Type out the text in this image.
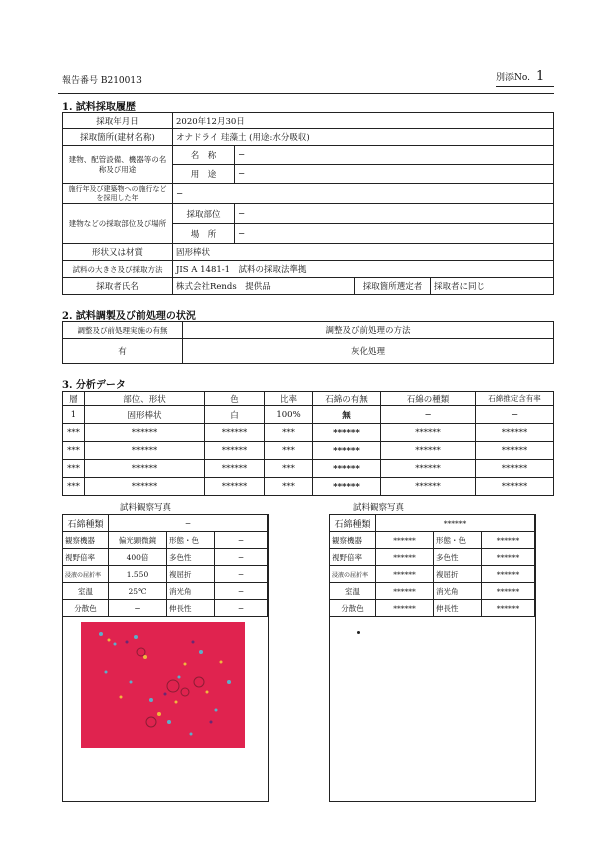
報告番号 B210013	別添No. 1
1. 試料採取履歴
採取年月日	2020年12月30日			
採取箇所(建材名称)	オナドライ 珪藻土 (用途:水分吸収)			
建物、配管設備、機器等の名称及び用途	名　称	−		
	用　途	−		
施行年及び建築物への施行などを採用した年	−			
建物などの採取部位及び場所	採取部位	−		
	場　所	−		
形状又は材質	固形棒状			
試料の大きさ及び採取方法	JIS A 1481-1　試料の採取法準拠			
採取者氏名	株式会社Rends　提供品		採取箇所選定者	採取者に同じ
2. 試料調製及び前処理の状況
調整及び前処理実施の有無	調整及び前処理の方法
有	灰化処理
3. 分析データ
層	部位、形状	色	比率	石綿の有無	石綿の種類	石綿推定含有率
1	固形棒状	白	100%	無	−	−
***	******	******	***	******	******	******
***	******	******	***	******	******	******
***	******	******	***	******	******	******
***	******	******	***	******	******	******
試料観察写真
石綿種類	−		
観察機器	偏光顕微鏡	形態・色	−
視野倍率	400倍	多色性	−
浸液の屈折率	1.550	複屈折	−
室温	25℃	消光角	−
分散色	−	伸長性	−
試料観察写真
石綿種類	******		
観察機器	******	形態・色	******
視野倍率	******	多色性	******
浸液の屈折率	******	複屈折	******
室温	******	消光角	******
分散色	******	伸長性	******
